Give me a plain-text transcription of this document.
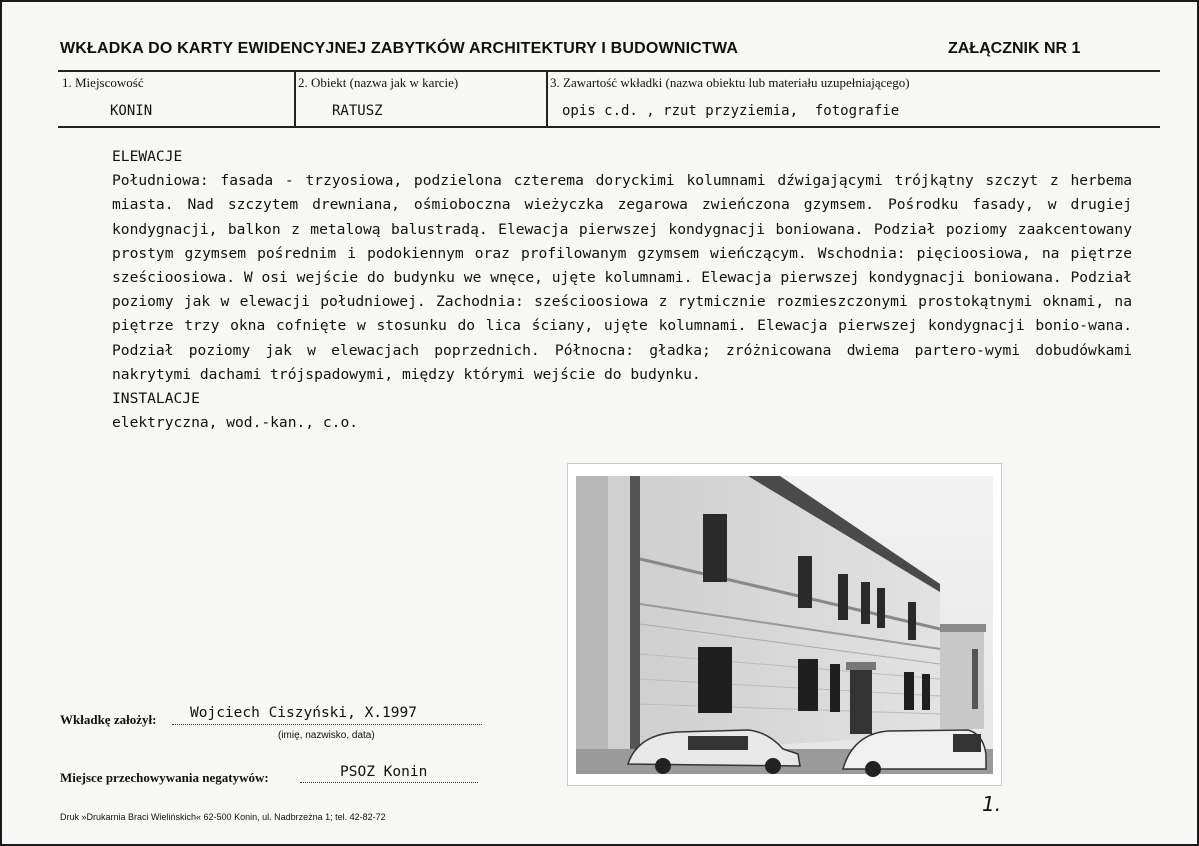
WKŁADKA DO KARTY EWIDENCYJNEJ ZABYTKÓW ARCHITEKTURY I BUDOWNICTWA	ZAŁĄCZNIK NR 1
1. Miejscowość
KONIN
2. Obiekt (nazwa jak w karcie)
RATUSZ
3. Zawartość wkładki (nazwa obiektu lub materiału uzupełniającego)
opis c.d. , rzut przyziemia,  fotografie

ELEWACJE

Południowa: fasada - trzyosiowa, podzielona czterema doryckimi kolumnami dźwigającymi trójkątny szczyt z herbema miasta. Nad szczytem drewniana, ośmioboczna wieżyczka zegarowa zwieńczona gzymsem. Pośrodku fasady, w drugiej kondygnacji, balkon z metalową balustradą. Elewacja pierwszej kondygnacji boniowana. Podział poziomy zaakcentowany prostym gzymsem pośrednim i podokiennym oraz profilowanym gzymsem wieńczącym. Wschodnia: pięcioosiowa, na piętrze sześcioosiowa. W osi wejście do budynku we wnęce, ujęte kolumnami. Elewacja pierwszej kondygnacji boniowana. Podział poziomy jak w elewacji południowej. Zachodnia: sześcioosiowa z rytmicznie rozmieszczonymi prostokątnymi oknami, na piętrze trzy okna cofnięte w stosunku do lica ściany, ujęte kolumnami. Elewacja pierwszej kondygnacji bonio-wana. Podział poziomy jak w elewacjach poprzednich. Północna: gładka; zróżnicowana dwiema partero-wymi dobudówkami nakrytymi dachami trójspadowymi, między którymi wejście do budynku.

INSTALACJE

elektryczna, wod.-kan., c.o.

Wkładkę założył: Wojciech Ciszyński, X.1997
(imię, nazwisko, data)
Miejsce przechowywania negatywów:	PSOZ Konin
1.
Druk »Drukarnia Braci Wielińskich« 62-500 Konin, ul. Nadbrzeżna 1; tel. 42-82-72
